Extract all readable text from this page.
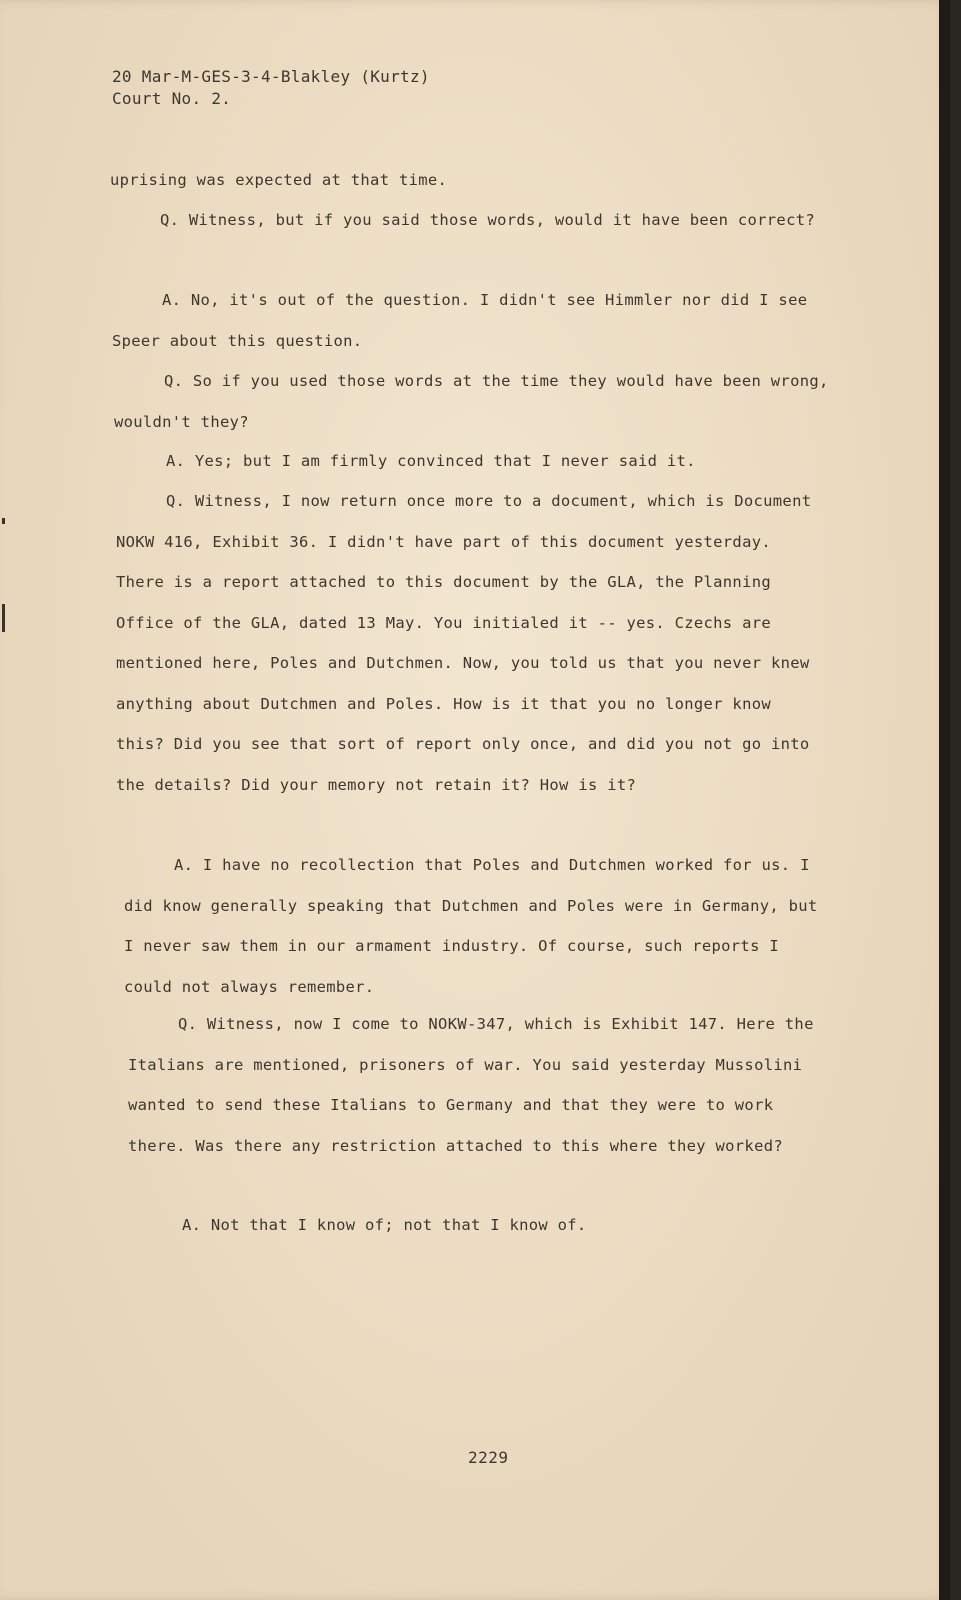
20 Mar-M-GES-3-4-Blakley (Kurtz)
Court No. 2.

uprising was expected at that time.

Q. Witness, but if you said those words, would it have been correct?

A. No, it's out of the question. I didn't see Himmler nor did I see Speer about this question.

Q. So if you used those words at the time they would have been wrong, wouldn't they?

A. Yes; but I am firmly convinced that I never said it.

Q. Witness, I now return once more to a document, which is Document NOKW 416, Exhibit 36. I didn't have part of this document yesterday. There is a report attached to this document by the GLA, the Planning Office of the GLA, dated 13 May. You initialed it -- yes. Czechs are mentioned here, Poles and Dutchmen. Now, you told us that you never knew anything about Dutchmen and Poles. How is it that you no longer know this? Did you see that sort of report only once, and did you not go into the details? Did your memory not retain it? How is it?

A. I have no recollection that Poles and Dutchmen worked for us. I did know generally speaking that Dutchmen and Poles were in Germany, but I never saw them in our armament industry. Of course, such reports I could not always remember.

Q. Witness, now I come to NOKW-347, which is Exhibit 147. Here the Italians are mentioned, prisoners of war. You said yesterday Mussolini wanted to send these Italians to Germany and that they were to work there. Was there any restriction attached to this where they worked?

A. Not that I know of; not that I know of.

2229
